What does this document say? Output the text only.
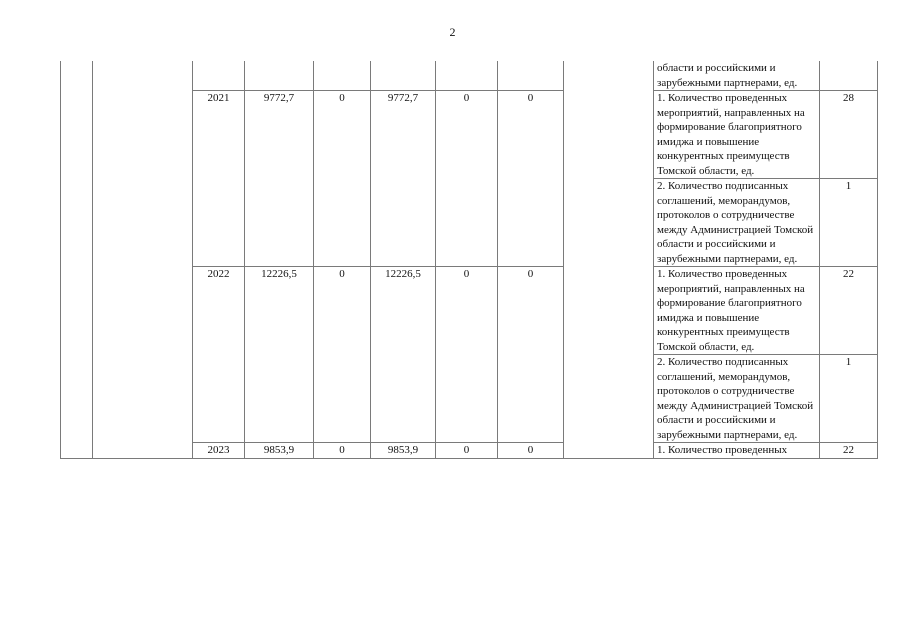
2
									области и российскими и зарубежными партнерами, ед.	
		2021	9772,7	0	9772,7	0	0		1. Количество проведенных мероприятий, направленных на формирование благоприятного имиджа и повышение конкурентных преимуществ Томской области, ед.	28
									2. Количество подписанных соглашений, меморандумов, протоколов о сотрудничестве между Администрацией Томской области и российскими и зарубежными партнерами, ед.	1
		2022	12226,5	0	12226,5	0	0		1. Количество проведенных мероприятий, направленных на формирование благоприятного имиджа и повышение конкурентных преимуществ Томской области, ед.	22
									2. Количество подписанных соглашений, меморандумов, протоколов о сотрудничестве между Администрацией Томской области и российскими и зарубежными партнерами, ед.	1
		2023	9853,9	0	9853,9	0	0		1. Количество проведенных	22
